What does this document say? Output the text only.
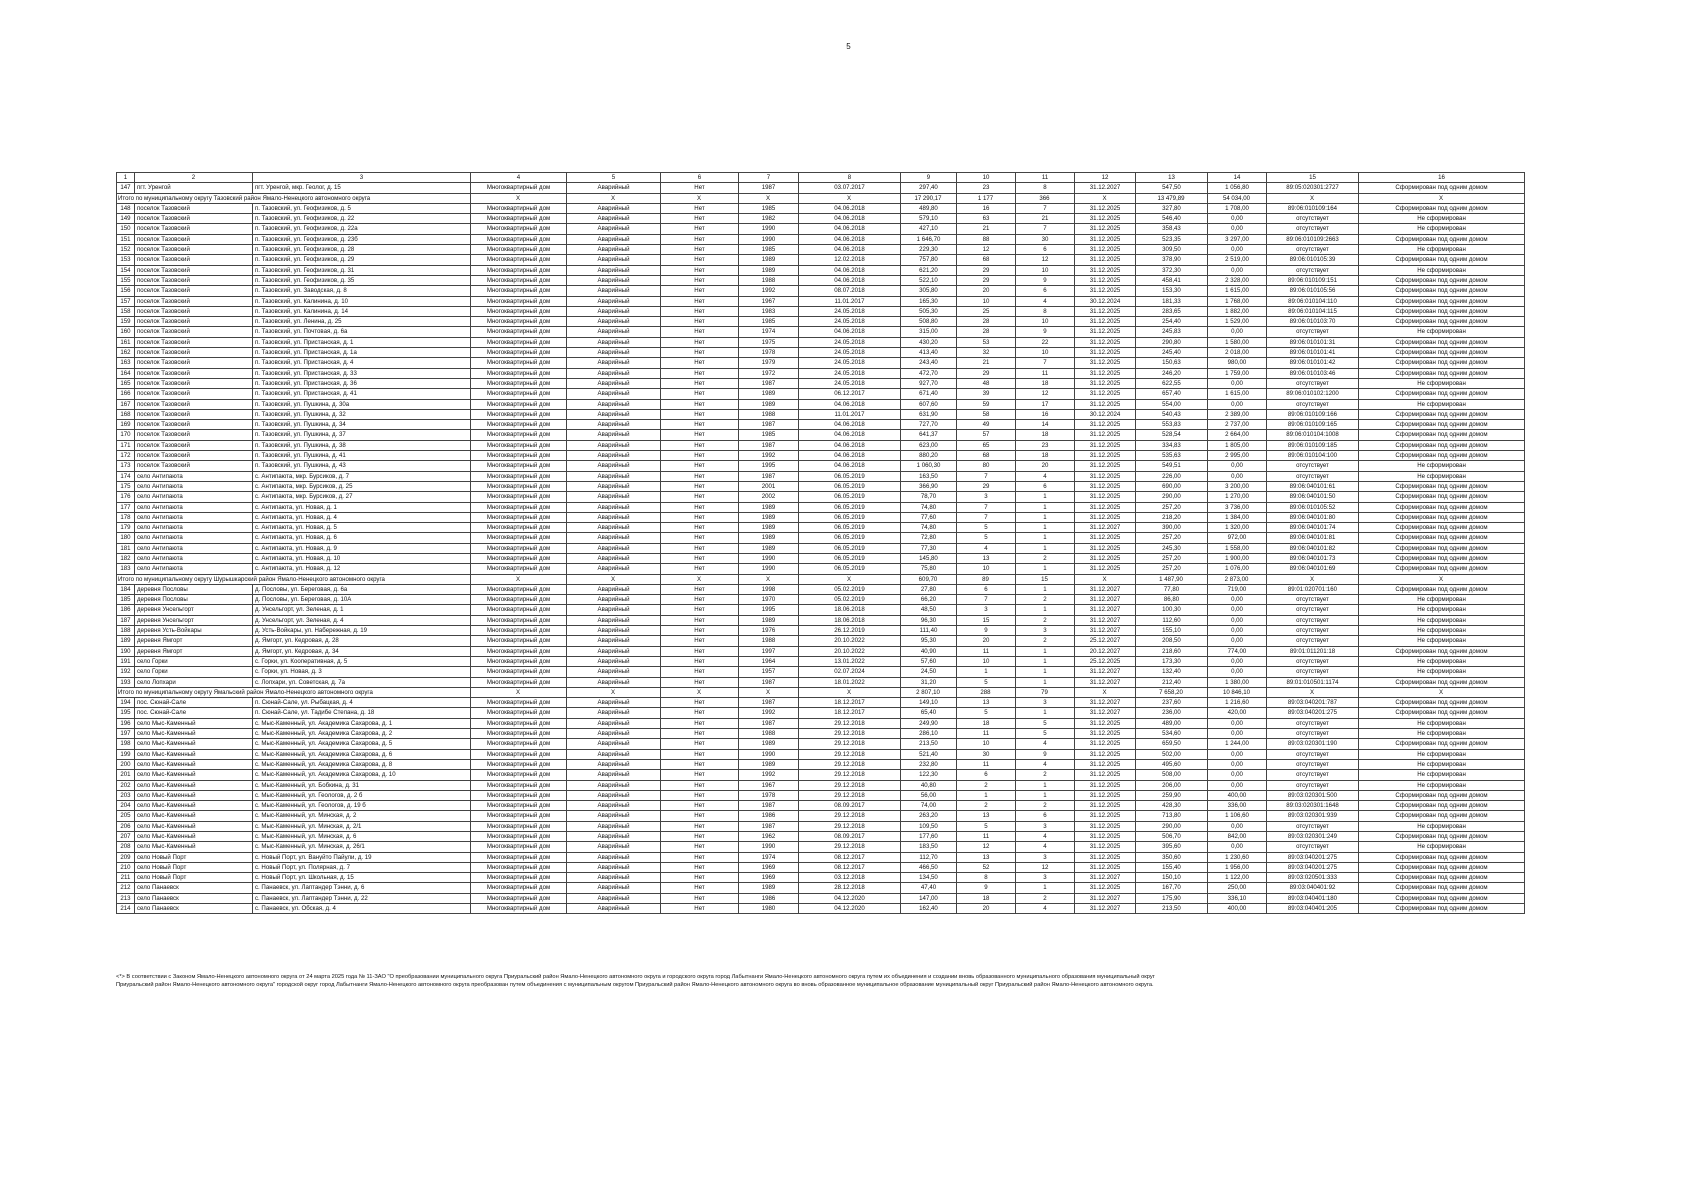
5
1	2	3	4	5	6	7	8	9	10	11	12	13	14	15	16
147	пгт. Уренгой	пгт. Уренгой, мкр. Геолог, д. 15	Многоквартирный дом	Аварийный	Нет	1987	03.07.2017	297,40	23	8	31.12.2027	547,50	1 056,80	89:05:020301:2727	Сформирован под одним домом
Итого по муниципальному округу Тазовский район Ямало-Ненецкого автономного округа			X	X	X	X	X	17 290,17	1 177	366	X	13 479,89	54 034,00	X	X
148	поселок Тазовский	п. Тазовский, ул. Геофизиков, д. 5	Многоквартирный дом	Аварийный	Нет	1985	04.06.2018	489,80	16	7	31.12.2025	327,80	1 708,00	89:06:010109:164	Сформирован под одним домом
149	поселок Тазовский	п. Тазовский, ул. Геофизиков, д. 22	Многоквартирный дом	Аварийный	Нет	1982	04.06.2018	579,10	63	21	31.12.2025	546,40	0,00	отсутствует	Не сформирован
150	поселок Тазовский	п. Тазовский, ул. Геофизиков, д. 22а	Многоквартирный дом	Аварийный	Нет	1990	04.06.2018	427,10	21	7	31.12.2025	358,43	0,00	отсутствует	Не сформирован
151	поселок Тазовский	п. Тазовский, ул. Геофизиков, д. 23б	Многоквартирный дом	Аварийный	Нет	1990	04.06.2018	1 646,70	88	30	31.12.2025	523,35	3 297,00	89:06:010109:2663	Сформирован под одним домом
152	поселок Тазовский	п. Тазовский, ул. Геофизиков, д. 28	Многоквартирный дом	Аварийный	Нет	1985	04.06.2018	229,30	12	6	31.12.2025	309,50	0,00	отсутствует	Не сформирован
153	поселок Тазовский	п. Тазовский, ул. Геофизиков, д. 29	Многоквартирный дом	Аварийный	Нет	1989	12.02.2018	757,80	68	12	31.12.2025	378,90	2 519,00	89:06:010105:39	Сформирован под одним домом
154	поселок Тазовский	п. Тазовский, ул. Геофизиков, д. 31	Многоквартирный дом	Аварийный	Нет	1989	04.06.2018	621,20	29	10	31.12.2025	372,30	0,00	отсутствует	Не сформирован
155	поселок Тазовский	п. Тазовский, ул. Геофизиков, д. 35	Многоквартирный дом	Аварийный	Нет	1988	04.06.2018	522,10	29	9	31.12.2025	458,41	2 328,00	89:06:010109:151	Сформирован под одним домом
156	поселок Тазовский	п. Тазовский, ул. Заводская, д. 8	Многоквартирный дом	Аварийный	Нет	1992	08.07.2018	305,80	20	6	31.12.2025	153,30	1 615,00	89:06:010105:56	Сформирован под одним домом
157	поселок Тазовский	п. Тазовский, ул. Калинина, д. 10	Многоквартирный дом	Аварийный	Нет	1967	11.01.2017	165,30	10	4	30.12.2024	181,33	1 768,00	89:06:010104:110	Сформирован под одним домом
158	поселок Тазовский	п. Тазовский, ул. Калинина, д. 14	Многоквартирный дом	Аварийный	Нет	1983	24.05.2018	505,30	25	8	31.12.2025	283,65	1 882,00	89:06:010104:115	Сформирован под одним домом
159	поселок Тазовский	п. Тазовский, ул. Ленина, д. 25	Многоквартирный дом	Аварийный	Нет	1985	24.05.2018	508,80	28	10	31.12.2025	254,40	1 529,00	89:06:010103:70	Сформирован под одним домом
160	поселок Тазовский	п. Тазовский, ул. Почтовая, д. 6а	Многоквартирный дом	Аварийный	Нет	1974	04.06.2018	315,00	28	9	31.12.2025	245,83	0,00	отсутствует	Не сформирован
161	поселок Тазовский	п. Тазовский, ул. Пристанская, д. 1	Многоквартирный дом	Аварийный	Нет	1975	24.05.2018	430,20	53	22	31.12.2025	290,80	1 580,00	89:06:010101:31	Сформирован под одним домом
162	поселок Тазовский	п. Тазовский, ул. Пристанская, д. 1а	Многоквартирный дом	Аварийный	Нет	1978	24.05.2018	413,40	32	10	31.12.2025	245,40	2 018,00	89:06:010101:41	Сформирован под одним домом
163	поселок Тазовский	п. Тазовский, ул. Пристанская, д. 4	Многоквартирный дом	Аварийный	Нет	1979	24.05.2018	243,40	21	7	31.12.2025	150,63	980,00	89:06:010101:42	Сформирован под одним домом
164	поселок Тазовский	п. Тазовский, ул. Пристанская, д. 33	Многоквартирный дом	Аварийный	Нет	1972	24.05.2018	472,70	29	11	31.12.2025	246,20	1 759,00	89:06:010103:46	Сформирован под одним домом
165	поселок Тазовский	п. Тазовский, ул. Пристанская, д. 36	Многоквартирный дом	Аварийный	Нет	1987	24.05.2018	927,70	48	18	31.12.2025	622,55	0,00	отсутствует	Не сформирован
166	поселок Тазовский	п. Тазовский, ул. Пристанская, д. 41	Многоквартирный дом	Аварийный	Нет	1989	06.12.2017	671,40	39	12	31.12.2025	657,40	1 615,00	89:06:010102:1200	Сформирован под одним домом
167	поселок Тазовский	п. Тазовский, ул. Пушкина, д. 30а	Многоквартирный дом	Аварийный	Нет	1989	04.06.2018	607,60	59	17	31.12.2025	554,00	0,00	отсутствует	Не сформирован
168	поселок Тазовский	п. Тазовский, ул. Пушкина, д. 32	Многоквартирный дом	Аварийный	Нет	1988	11.01.2017	631,90	58	16	30.12.2024	540,43	2 389,00	89:06:010109:166	Сформирован под одним домом
169	поселок Тазовский	п. Тазовский, ул. Пушкина, д. 34	Многоквартирный дом	Аварийный	Нет	1987	04.06.2018	727,70	49	14	31.12.2025	553,83	2 737,00	89:06:010109:165	Сформирован под одним домом
170	поселок Тазовский	п. Тазовский, ул. Пушкина, д. 37	Многоквартирный дом	Аварийный	Нет	1985	04.06.2018	641,37	57	18	31.12.2025	528,54	2 664,00	89:06:010104:1008	Сформирован под одним домом
171	поселок Тазовский	п. Тазовский, ул. Пушкина, д. 38	Многоквартирный дом	Аварийный	Нет	1987	04.06.2018	623,00	65	23	31.12.2025	334,83	1 805,00	89:06:010109:185	Сформирован под одним домом
172	поселок Тазовский	п. Тазовский, ул. Пушкина, д. 41	Многоквартирный дом	Аварийный	Нет	1992	04.06.2018	880,20	68	18	31.12.2025	535,63	2 995,00	89:06:010104:100	Сформирован под одним домом
173	поселок Тазовский	п. Тазовский, ул. Пушкина, д. 43	Многоквартирный дом	Аварийный	Нет	1995	04.06.2018	1 060,30	80	20	31.12.2025	549,51	0,00	отсутствует	Не сформирован
174	село Антипаюта	с. Антипаюта, мкр. Бурсиков, д. 7	Многоквартирный дом	Аварийный	Нет	1987	06.05.2019	163,50	7	4	31.12.2025	226,00	0,00	отсутствует	Не сформирован
175	село Антипаюта	с. Антипаюта, мкр. Бурсиков, д. 25	Многоквартирный дом	Аварийный	Нет	2001	06.05.2019	366,90	29	6	31.12.2025	690,00	3 200,00	89:06:040101:61	Сформирован под одним домом
176	село Антипаюта	с. Антипаюта, мкр. Бурсиков, д. 27	Многоквартирный дом	Аварийный	Нет	2002	06.05.2019	78,70	3	1	31.12.2025	290,00	1 270,00	89:06:040101:50	Сформирован под одним домом
177	село Антипаюта	с. Антипаюта, ул. Новая, д. 1	Многоквартирный дом	Аварийный	Нет	1989	06.05.2019	74,80	7	1	31.12.2025	257,20	3 736,00	89:06:010105:52	Сформирован под одним домом
178	село Антипаюта	с. Антипаюта, ул. Новая, д. 4	Многоквартирный дом	Аварийный	Нет	1989	06.05.2019	77,60	7	1	31.12.2025	218,20	1 384,00	89:06:040101:80	Сформирован под одним домом
179	село Антипаюта	с. Антипаюта, ул. Новая, д. 5	Многоквартирный дом	Аварийный	Нет	1989	06.05.2019	74,80	5	1	31.12.2027	390,00	1 320,00	89:06:040101:74	Сформирован под одним домом
180	село Антипаюта	с. Антипаюта, ул. Новая, д. 6	Многоквартирный дом	Аварийный	Нет	1989	06.05.2019	72,80	5	1	31.12.2025	257,20	972,00	89:06:040101:81	Сформирован под одним домом
181	село Антипаюта	с. Антипаюта, ул. Новая, д. 9	Многоквартирный дом	Аварийный	Нет	1989	06.05.2019	77,30	4	1	31.12.2025	245,30	1 558,00	89:06:040101:82	Сформирован под одним домом
182	село Антипаюта	с. Антипаюта, ул. Новая, д. 10	Многоквартирный дом	Аварийный	Нет	1990	06.05.2019	145,80	13	2	31.12.2025	257,20	1 900,00	89:06:040101:73	Сформирован под одним домом
183	село Антипаюта	с. Антипаюта, ул. Новая, д. 12	Многоквартирный дом	Аварийный	Нет	1990	06.05.2019	75,80	10	1	31.12.2025	257,20	1 076,00	89:06:040101:69	Сформирован под одним домом
Итого по муниципальному округу Шурышкарский район Ямало-Ненецкого автономного округа			X	X	X	X	X	609,70	89	15	X	1 487,90	2 873,00	X	X
184	деревня Пословы	д. Пословы, ул. Береговая, д. 6а	Многоквартирный дом	Аварийный	Нет	1998	05.02.2019	27,80	6	1	31.12.2027	77,80	719,00	89:01:020701:160	Сформирован под одним домом
185	деревня Пословы	д. Пословы, ул. Береговая, д. 10А	Многоквартирный дом	Аварийный	Нет	1970	05.02.2019	66,20	7	2	31.12.2027	86,80	0,00	отсутствует	Не сформирован
186	деревня Унсельгорт	д. Унсельгорт, ул. Зеленая, д. 1	Многоквартирный дом	Аварийный	Нет	1995	18.06.2018	48,50	3	1	31.12.2027	100,30	0,00	отсутствует	Не сформирован
187	деревня Унсельгорт	д. Унсельгорт, ул. Зеленая, д. 4	Многоквартирный дом	Аварийный	Нет	1989	18.06.2018	96,30	15	2	31.12.2027	112,60	0,00	отсутствует	Не сформирован
188	деревня Усть-Войкары	д. Усть-Войкары, ул. Набережная, д. 19	Многоквартирный дом	Аварийный	Нет	1976	26.12.2019	111,40	9	3	31.12.2027	155,10	0,00	отсутствует	Не сформирован
189	деревня Ямгорт	д. Ямгорт, ул. Кедровая, д. 28	Многоквартирный дом	Аварийный	Нет	1988	20.10.2022	95,30	20	2	25.12.2027	208,50	0,00	отсутствует	Не сформирован
190	деревня Ямгорт	д. Ямгорт, ул. Кедровая, д. 34	Многоквартирный дом	Аварийный	Нет	1997	20.10.2022	40,90	11	1	20.12.2027	218,60	774,00	89:01:011201:18	Сформирован под одним домом
191	село Горки	с. Горки, ул. Кооперативная, д. 5	Многоквартирный дом	Аварийный	Нет	1964	13.01.2022	57,60	10	1	25.12.2025	173,30	0,00	отсутствует	Не сформирован
192	село Горки	с. Горки, ул. Новая, д. 3	Многоквартирный дом	Аварийный	Нет	1957	02.07.2024	24,50	1	1	31.12.2027	132,40	0,00	отсутствует	Не сформирован
193	село Лопхари	с. Лопхари, ул. Советская, д. 7а	Многоквартирный дом	Аварийный	Нет	1987	18.01.2022	31,20	5	1	31.12.2027	212,40	1 380,00	89:01:010501:1174	Сформирован под одним домом
Итого по муниципальному округу Ямальский район Ямало-Ненецкого автономного округа			X	X	X	X	X	2 807,10	288	79	X	7 658,20	10 846,10	X	X
194	пос. Сюнай-Сале	п. Сюнай-Сале, ул. Рыбацкая, д. 4	Многоквартирный дом	Аварийный	Нет	1987	18.12.2017	149,10	13	3	31.12.2027	237,60	1 216,60	89:03:040201:787	Сформирован под одним домом
195	пос. Сюнай-Сале	п. Сюнай-Сале, ул. Тадибе Степана, д. 18	Многоквартирный дом	Аварийный	Нет	1992	18.12.2017	65,40	5	1	31.12.2027	236,00	420,00	89:03:040201:275	Сформирован под одним домом
196	село Мыс-Каменный	с. Мыс-Каменный, ул. Академика Сахарова, д. 1	Многоквартирный дом	Аварийный	Нет	1987	29.12.2018	249,90	18	5	31.12.2025	489,00	0,00	отсутствует	Не сформирован
197	село Мыс-Каменный	с. Мыс-Каменный, ул. Академика Сахарова, д. 2	Многоквартирный дом	Аварийный	Нет	1988	29.12.2018	286,10	11	5	31.12.2025	534,60	0,00	отсутствует	Не сформирован
198	село Мыс-Каменный	с. Мыс-Каменный, ул. Академика Сахарова, д. 5	Многоквартирный дом	Аварийный	Нет	1989	29.12.2018	213,50	10	4	31.12.2025	659,50	1 244,00	89:03:020301:190	Сформирован под одним домом
199	село Мыс-Каменный	с. Мыс-Каменный, ул. Академика Сахарова, д. 6	Многоквартирный дом	Аварийный	Нет	1990	29.12.2018	521,40	30	9	31.12.2025	502,00	0,00	отсутствует	Не сформирован
200	село Мыс-Каменный	с. Мыс-Каменный, ул. Академика Сахарова, д. 8	Многоквартирный дом	Аварийный	Нет	1989	29.12.2018	232,80	11	4	31.12.2025	495,60	0,00	отсутствует	Не сформирован
201	село Мыс-Каменный	с. Мыс-Каменный, ул. Академика Сахарова, д. 10	Многоквартирный дом	Аварийный	Нет	1992	29.12.2018	122,30	6	2	31.12.2025	508,00	0,00	отсутствует	Не сформирован
202	село Мыс-Каменный	с. Мыс-Каменный, ул. Бобкина, д. 31	Многоквартирный дом	Аварийный	Нет	1967	29.12.2018	40,80	2	1	31.12.2025	206,00	0,00	отсутствует	Не сформирован
203	село Мыс-Каменный	с. Мыс-Каменный, ул. Геологов, д. 2 б	Многоквартирный дом	Аварийный	Нет	1978	29.12.2018	56,00	1	1	31.12.2025	259,90	400,00	89:03:020301:500	Сформирован под одним домом
204	село Мыс-Каменный	с. Мыс-Каменный, ул. Геологов, д. 19 б	Многоквартирный дом	Аварийный	Нет	1987	08.09.2017	74,00	2	2	31.12.2025	428,30	336,00	89:03:020301:1648	Сформирован под одним домом
205	село Мыс-Каменный	с. Мыс-Каменный, ул. Минская, д. 2	Многоквартирный дом	Аварийный	Нет	1986	29.12.2018	263,20	13	6	31.12.2025	713,80	1 106,60	89:03:020301:939	Сформирован под одним домом
206	село Мыс-Каменный	с. Мыс-Каменный, ул. Минская, д. 2/1	Многоквартирный дом	Аварийный	Нет	1987	29.12.2018	109,50	5	3	31.12.2025	290,00	0,00	отсутствует	Не сформирован
207	село Мыс-Каменный	с. Мыс-Каменный, ул. Минская, д. 6	Многоквартирный дом	Аварийный	Нет	1962	08.09.2017	177,60	11	4	31.12.2025	506,70	842,00	89:03:020301:249	Сформирован под одним домом
208	село Мыс-Каменный	с. Мыс-Каменный, ул. Минская, д. 26/1	Многоквартирный дом	Аварийный	Нет	1990	29.12.2018	183,50	12	4	31.12.2025	395,60	0,00	отсутствует	Не сформирован
209	село Новый Порт	с. Новый Порт, ул. Вануйто Пайули, д. 19	Многоквартирный дом	Аварийный	Нет	1974	08.12.2017	112,70	13	3	31.12.2025	350,60	1 230,60	89:03:040201:275	Сформирован под одним домом
210	село Новый Порт	с. Новый Порт, ул. Полярная, д. 7	Многоквартирный дом	Аварийный	Нет	1969	08.12.2017	466,50	52	12	31.12.2025	155,40	1 956,00	89:03:040201:275	Сформирован под одним домом
211	село Новый Порт	с. Новый Порт, ул. Школьная, д. 15	Многоквартирный дом	Аварийный	Нет	1969	03.12.2018	134,50	8	3	31.12.2027	150,10	1 122,00	89:03:020501:333	Сформирован под одним домом
212	село Панаевск	с. Панаевск, ул. Лаптандер Тэнни, д. 6	Многоквартирный дом	Аварийный	Нет	1989	28.12.2018	47,40	9	1	31.12.2025	167,70	250,00	89:03:040401:92	Сформирован под одним домом
213	село Панаевск	с. Панаевск, ул. Лаптандер Тэнни, д. 22	Многоквартирный дом	Аварийный	Нет	1986	04.12.2020	147,00	18	2	31.12.2027	175,90	336,10	89:03:040401:180	Сформирован под одним домом
214	село Панаевск	с. Панаевск, ул. Обская, д. 4	Многоквартирный дом	Аварийный	Нет	1980	04.12.2020	162,40	20	4	31.12.2027	213,50	400,00	89:03:040401:205	Сформирован под одним домом

<*> В соответствии с Законом Ямало-Ненецкого автономного округа от 24 марта 2025 года № 11-ЗАО "О преобразовании муниципального округа Приуральский район Ямало-Ненецкого автономного округа и городского округа город Лабытнанги Ямало-Ненецкого автономного округа путем их объединения и создании вновь образованного муниципального образования муниципальный округ

Приуральский район Ямало-Ненецкого автономного округа" городской округ город Лабытнанги Ямало-Ненецкого автономного округа преобразован путем объединения с муниципальным округом Приуральский район Ямало-Ненецкого автономного округа во вновь образованное муниципальное образование муниципальный округ Приуральский район Ямало-Ненецкого автономного округа.
